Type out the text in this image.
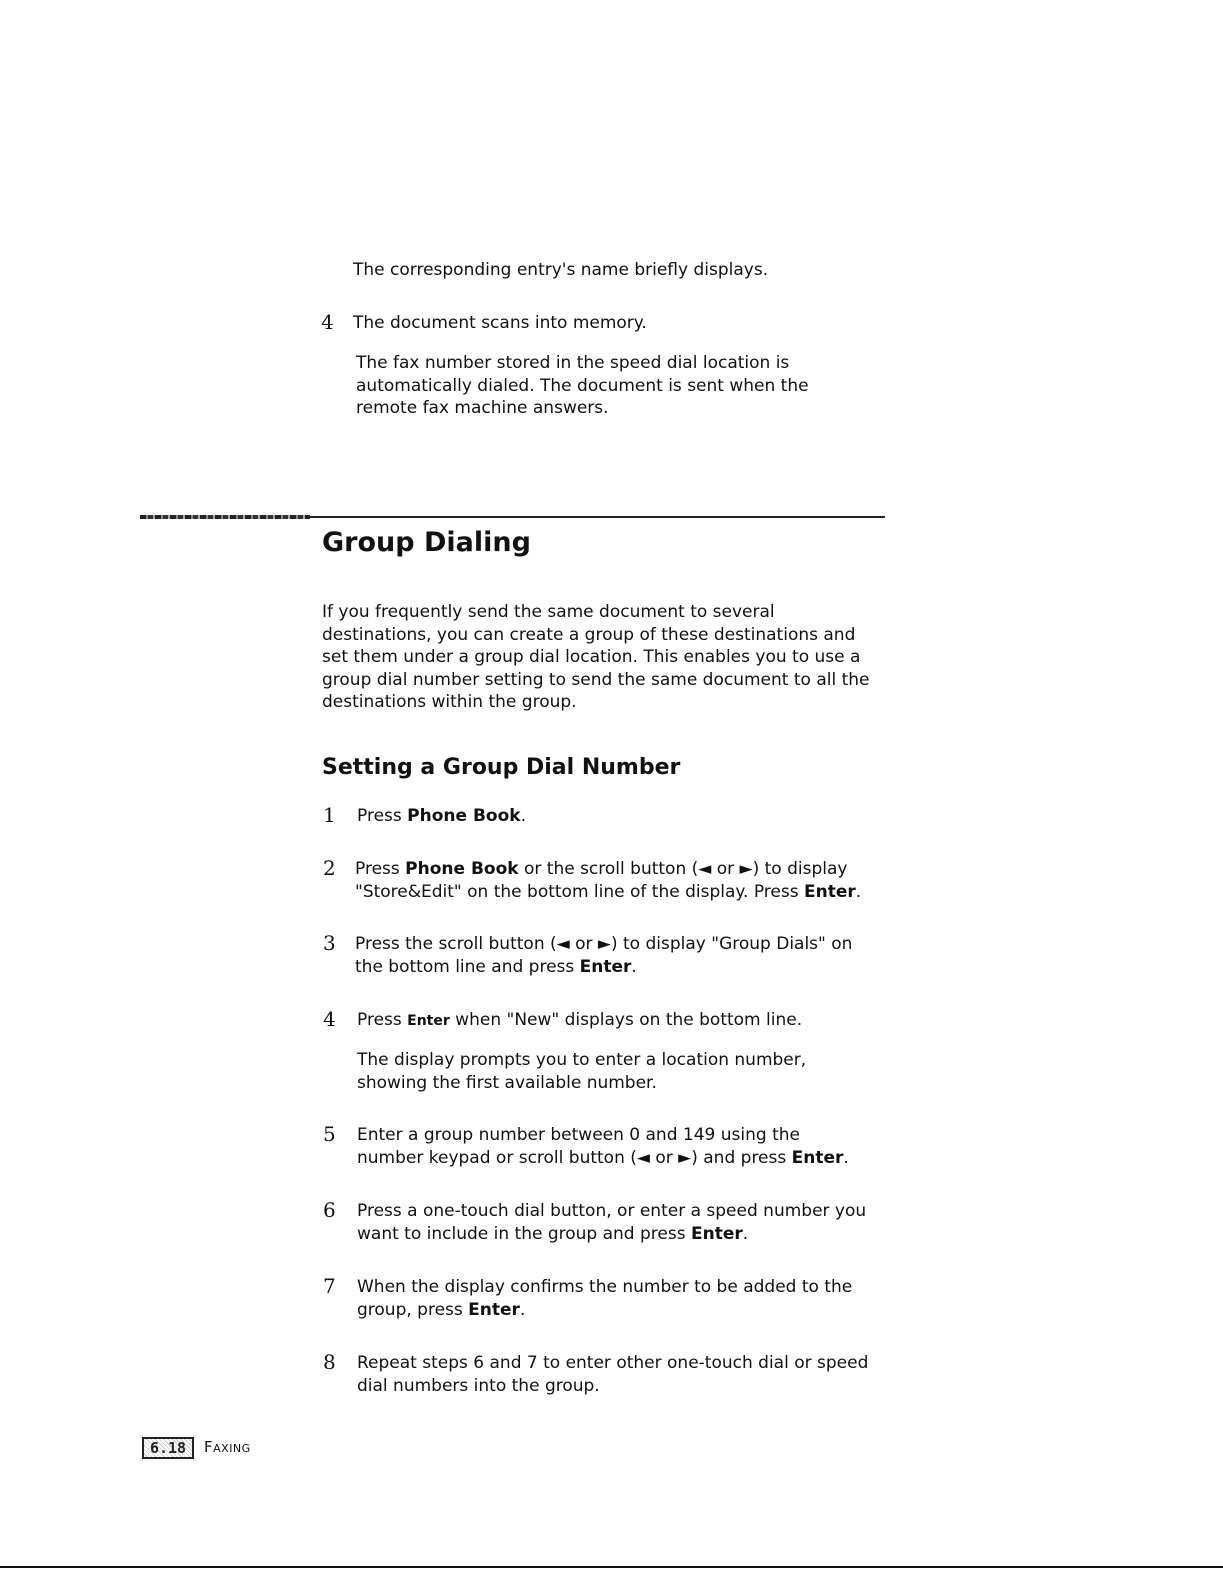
The corresponding entry's name briefly displays.
4 The document scans into memory.
The fax number stored in the speed dial location is
automatically dialed. The document is sent when the
remote fax machine answers.
Group Dialing
If you frequently send the same document to several
destinations, you can create a group of these destinations and
set them under a group dial location. This enables you to use a
group dial number setting to send the same document to all the
destinations within the group.
Setting a Group Dial Number
1 Press Phone Book.
2 Press Phone Book or the scroll button (◄ or ►) to display
"Store&Edit" on the bottom line of the display. Press Enter.
3 Press the scroll button (◄ or ►) to display "Group Dials" on
the bottom line and press Enter.
4 Press Enter when "New" displays on the bottom line.
The display prompts you to enter a location number,
showing the first available number.
5 Enter a group number between 0 and 149 using the
number keypad or scroll button (◄ or ►) and press Enter.
6 Press a one-touch dial button, or enter a speed number you
want to include in the group and press Enter.
7 When the display confirms the number to be added to the
group, press Enter.
8 Repeat steps 6 and 7 to enter other one-touch dial or speed
dial numbers into the group.
6.18	Faxing
